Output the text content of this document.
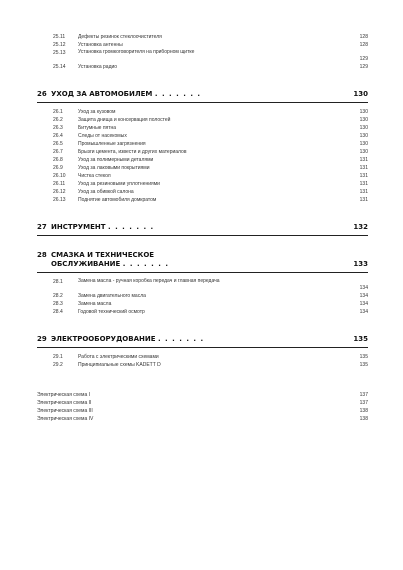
25.11	Дефекты резинок стеклоочистителя . . .	128
25.12 Установка антенны . . .	128
25.13 Установка громкоговорителя на приборном щитке . . .
129
25.14 Установка радио . . .	129
26 УХОД ЗА АВТОМОБИЛЕМ . . . . . . .	130
26.1	Уход за кузовом . . .	130
26.2	Защита днища и консервация полостей . . .	130
26.3	Битумные пятна . . .	130
26.4	Следы от насекомых . . .	130
26.5	Промышленные загрязнения . . .	130
26.7	Брызги цемента, извести и других материалов . . .	130
26.8	Уход за полимерными деталями . . .	131
26.9	Уход за лаковыми покрытиями . . .	131
26.10 Чистка стекол . . .	131
26.11	Уход за резиновыми уплотнениями . . .	131
26.12 Уход за обивкой салона . . .	131
26.13 Поднятие автомобиля домкратом . . .	131
27 ИНСТРУМЕНТ . . . . . . .	132
28 СМАЗКА И ТЕХНИЧЕСКОЕ
ОБСЛУЖИВАНИЕ . . . . . . .	133
28.1	Замена масла - ручная коробка передач и главная передача . . .
134
28.2	Замена двигательного масла . . .	134
28.3	Замена масла . . .	134
28.4	Годовой технический осмотр . . .	134
29 ЭЛЕКТРООБОРУДОВАНИЕ . . . . . . .	135
29.1	Работа с электрическими схемами . . .	135
29.2	Принципиальные схемы KADETT D . . .	135
Электрическая схема I . . .	137
Электрическая схема II . . .	137
Электрическая схема III . . .	138
Электрическая схема IV . . .	138
